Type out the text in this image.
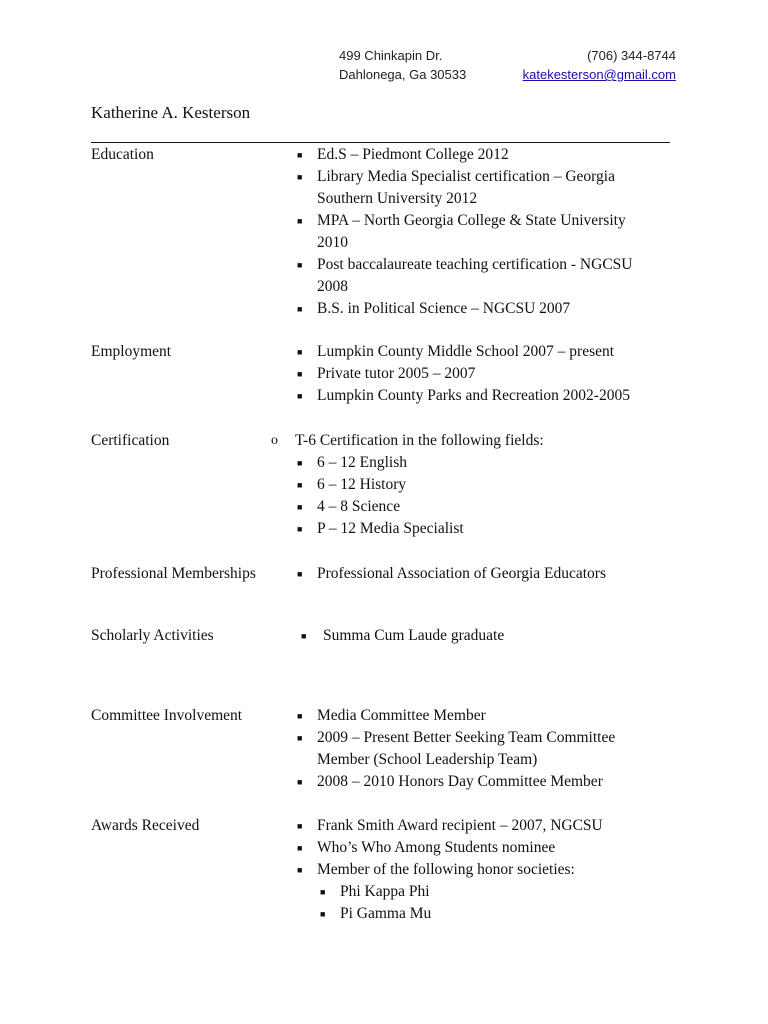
499 Chinkapin Dr.
Dahlonega, Ga 30533
(706) 344-8744
katekesterson@gmail.com
Katherine A. Kesterson
Education	■ Ed.S – Piedmont College 2012
■ Library Media Specialist certification – Georgia
Southern University 2012
■ MPA – North Georgia College & State University
2010
■ Post baccalaureate teaching certification - NGCSU
2008
■ B.S. in Political Science – NGCSU 2007
Employment	■ Lumpkin County Middle School 2007 – present
■ Private tutor 2005 – 2007
■ Lumpkin County Parks and Recreation 2002-2005
Certification	o T-6 Certification in the following fields:
■ 6 – 12 English
■ 6 – 12 History
■ 4 – 8 Science
■ P – 12 Media Specialist
Professional Memberships	■ Professional Association of Georgia Educators
Scholarly Activities	■ Summa Cum Laude graduate
Committee Involvement	■ Media Committee Member
■ 2009 – Present Better Seeking Team Committee
Member (School Leadership Team)
■ 2008 – 2010 Honors Day Committee Member
Awards Received	■ Frank Smith Award recipient – 2007, NGCSU
■ Who’s Who Among Students nominee
■ Member of the following honor societies:
■ Phi Kappa Phi
■ Pi Gamma Mu
